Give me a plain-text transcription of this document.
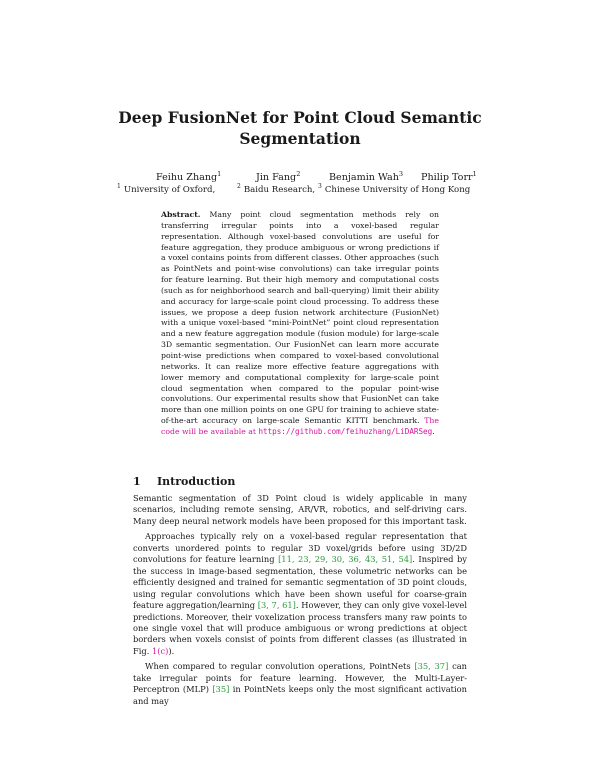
Deep FusionNet for Point Cloud Semantic Segmentation
Feihu Zhang$^1$	Jin Fang$^2$	Benjamin Wah$^3$ Philip Torr$^1$
$^1$ University of Oxford,	$^2$ Baidu Research, $^3$ Chinese University of Hong Kong
Abstract. Many point cloud segmentation methods rely on transferring irregular points into a voxel-based regular representation. Although voxel-based convolutions are useful for feature aggregation, they produce ambiguous or wrong predictions if a voxel contains points from different classes. Other approaches (such as PointNets and point-wise convolutions) can take irregular points for feature learning. But their high memory and computational costs (such as for neighborhood search and ball-querying) limit their ability and accuracy for large-scale point cloud processing. To address these issues, we propose a deep fusion network architecture (FusionNet) with a unique voxel-based “mini-PointNet” point cloud representation and a new feature aggregation module (fusion module) for large-scale 3D semantic segmentation. Our FusionNet can learn more accurate point-wise predictions when compared to voxel-based convolutional networks. It can realize more effective feature aggregations with lower memory and computational complexity for large-scale point cloud segmentation when compared to the popular point-wise convolutions. Our experimental results show that FusionNet can take more than one million points on one GPU for training to achieve state-of-the-art accuracy on large-scale Semantic KITTI benchmark. The code will be available at https://github.com/feihuzhang/LiDARSeg.
1 Introduction

Semantic segmentation of 3D Point cloud is widely applicable in many scenarios, including remote sensing, AR/VR, robotics, and self-driving cars. Many deep neural network models have been proposed for this important task.

Approaches typically rely on a voxel-based regular representation that converts unordered points to regular 3D voxel/grids before using 3D/2D convolutions for feature learning [11, 23, 29, 30, 36, 43, 51, 54]. Inspired by the success in image-based segmentation, these volumetric networks can be efficiently designed and trained for semantic segmentation of 3D point clouds, using regular convolutions which have been shown useful for coarse-grain feature aggregation/learning [3, 7, 61]. However, they can only give voxel-level predictions. Moreover, their voxelization process transfers many raw points to one single voxel that will produce ambiguous or wrong predictions at object borders when voxels consist of points from different classes (as illustrated in Fig. 1(c)).

When compared to regular convolution operations, PointNets [35, 37] can take irregular points for feature learning. However, the Multi-Layer-Perceptron (MLP) [35] in PointNets keeps only the most significant activation and may
